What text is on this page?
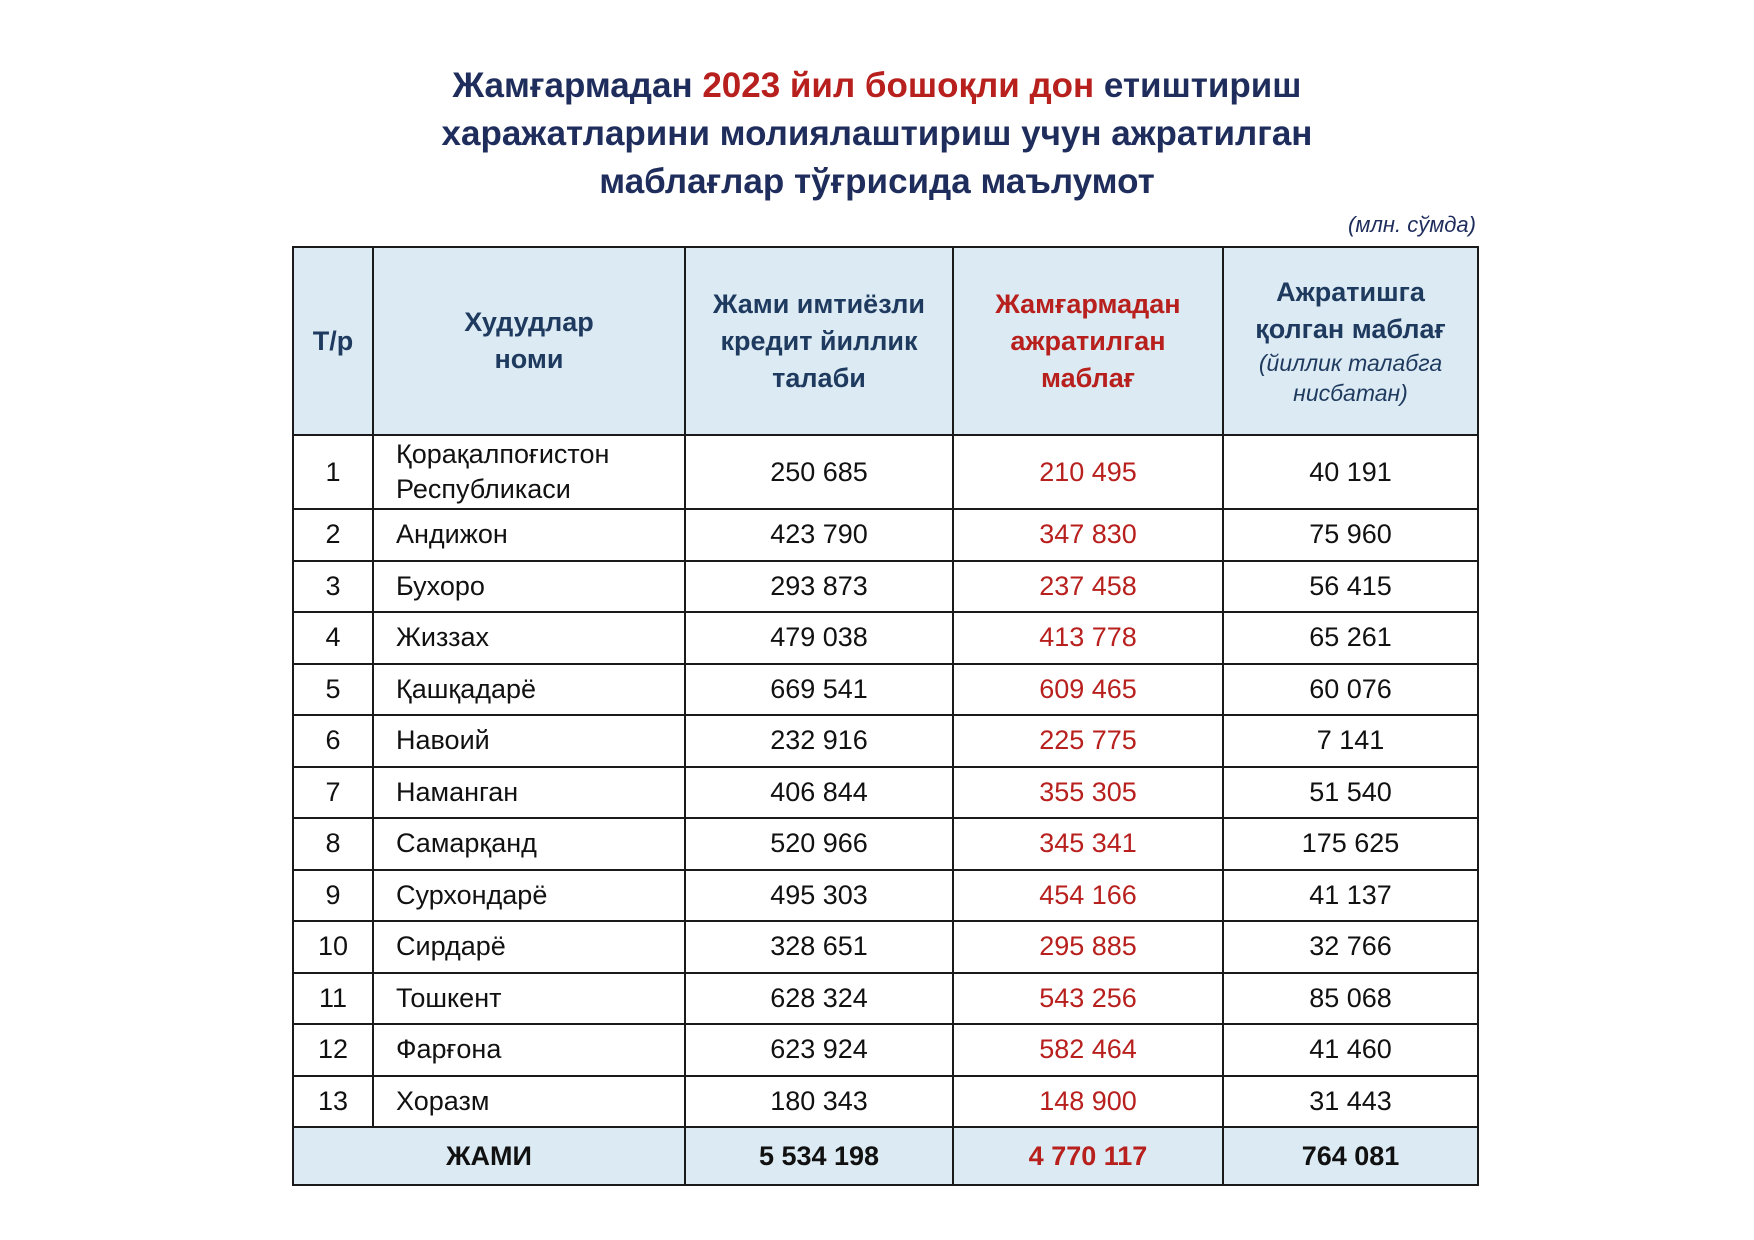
Жамғармадан 2023 йил бошоқли дон етиштириш
харажатларини молиялаштириш учун ажратилган
маблағлар тўғрисида маълумот
(млн. сўмда)
Т/р	Худудлар номи	Жами имтиёзли кредит йиллик талаби	Жамғармадан ажратилган маблағ	Ажратишга қолган маблағ
(йиллик талабга нисбатан)

1	Қорақалпоғистон Республикаси	250 685	210 495	40 191
2	Андижон	423 790	347 830	75 960
3	Бухоро	293 873	237 458	56 415
4	Жиззах	479 038	413 778	65 261
5	Қашқадарё	669 541	609 465	60 076
6	Навоий	232 916	225 775	7 141
7	Наманган	406 844	355 305	51 540
8	Самарқанд	520 966	345 341	175 625
9	Сурхондарё	495 303	454 166	41 137
10	Сирдарё	328 651	295 885	32 766
11	Тошкент	628 324	543 256	85 068
12	Фарғона	623 924	582 464	41 460
13	Хоразм	180 343	148 900	31 443
ЖАМИ		5 534 198	4 770 117	764 081
